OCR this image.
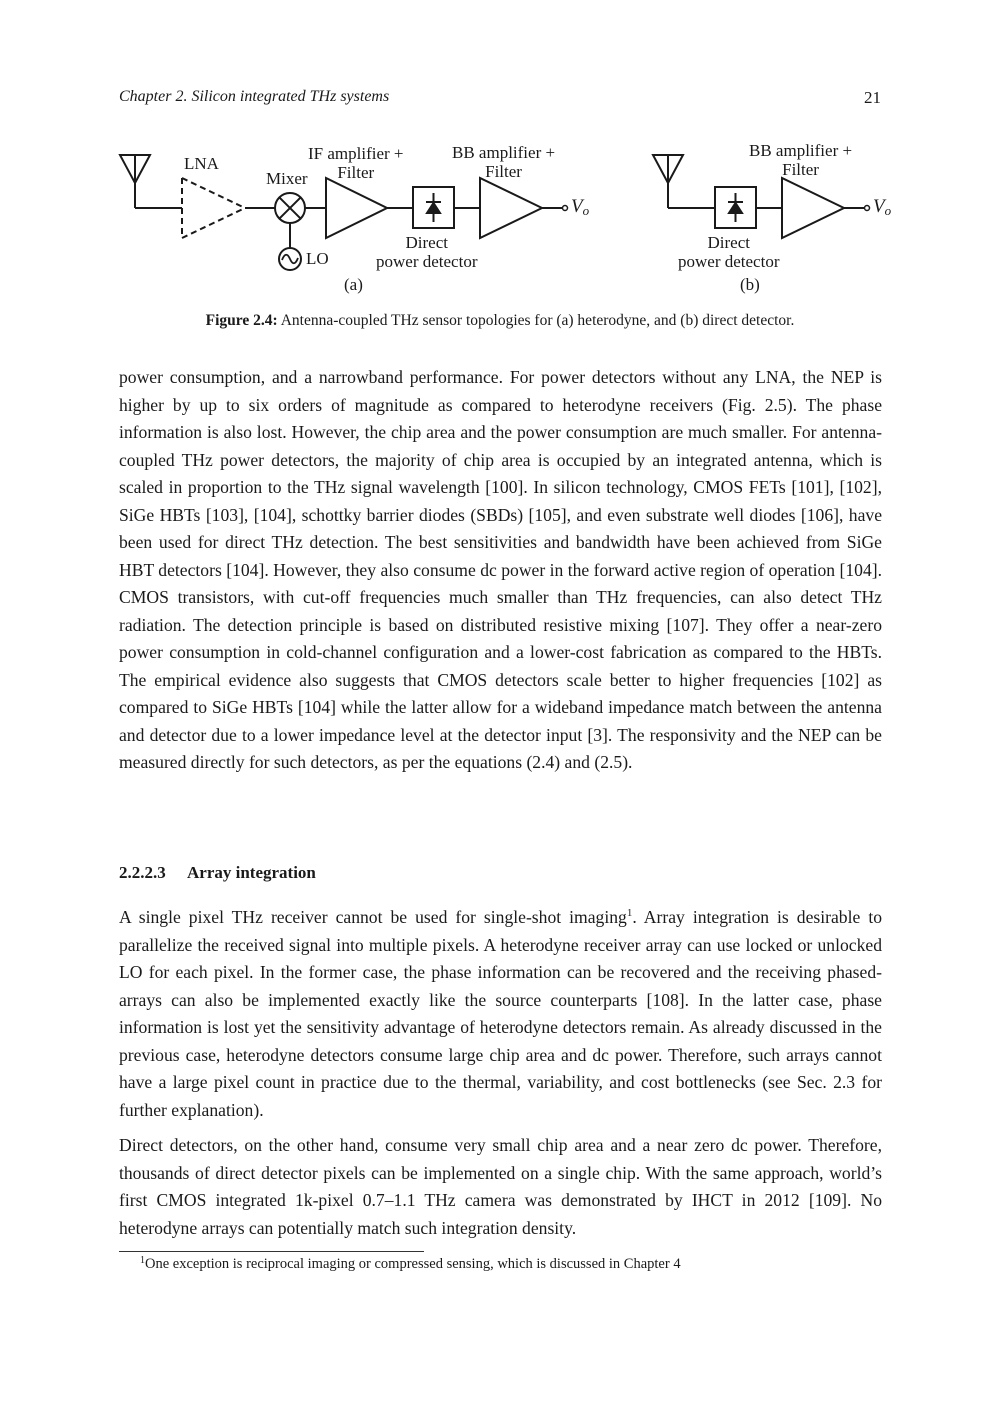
Chapter 2. Silicon integrated THz systems	21
LNA
Mixer
IF amplifier +
Filter
BB amplifier +
Filter
LO
Direct
power detector
$V_o$
(a)
BB amplifier +
Filter
Direct
power detector
$V_o$
(b)
Figure 2.4: Antenna-coupled THz sensor topologies for (a) heterodyne, and (b) direct detector.

power consumption, and a narrowband performance. For power detectors without any LNA, the NEP is higher by up to six orders of magnitude as compared to heterodyne receivers (Fig. 2.5). The phase information is also lost. However, the chip area and the power consumption are much smaller. For antenna-coupled THz power detectors, the majority of chip area is occupied by an integrated antenna, which is scaled in proportion to the THz signal wavelength [100]. In silicon technology, CMOS FETs [101], [102], SiGe HBTs [103], [104], schottky barrier diodes (SBDs) [105], and even substrate well diodes [106], have been used for direct THz detection. The best sensitivities and bandwidth have been achieved from SiGe HBT detectors [104]. However, they also consume dc power in the forward active region of operation [104]. CMOS transistors, with cut-off frequencies much smaller than THz frequencies, can also detect THz radiation. The detection principle is based on distributed resistive mixing [107]. They offer a near-zero power consumption in cold-channel configuration and a lower-cost fabrication as compared to the HBTs. The empirical evidence also suggests that CMOS detectors scale better to higher frequencies [102] as compared to SiGe HBTs [104] while the latter allow for a wideband impedance match between the antenna and detector due to a lower impedance level at the detector input [3]. The responsivity and the NEP can be measured directly for such detectors, as per the equations (2.4) and (2.5).

2.2.2.3 Array integration

A single pixel THz receiver cannot be used for single-shot imaging$^1$. Array integration is desirable to parallelize the received signal into multiple pixels. A heterodyne receiver array can use locked or unlocked LO for each pixel. In the former case, the phase information can be recovered and the receiving phased-arrays can also be implemented exactly like the source counterparts [108]. In the latter case, phase information is lost yet the sensitivity advantage of heterodyne detectors remain. As already discussed in the previous case, heterodyne detectors consume large chip area and dc power. Therefore, such arrays cannot have a large pixel count in practice due to the thermal, variability, and cost bottlenecks (see Sec. 2.3 for further explanation).

Direct detectors, on the other hand, consume very small chip area and a near zero dc power. Therefore, thousands of direct detector pixels can be implemented on a single chip. With the same approach, world’s first CMOS integrated 1k-pixel 0.7–1.1 THz camera was demonstrated by IHCT in 2012 [109]. No heterodyne arrays can potentially match such integration density.

$^1$One exception is reciprocal imaging or compressed sensing, which is discussed in Chapter 4
